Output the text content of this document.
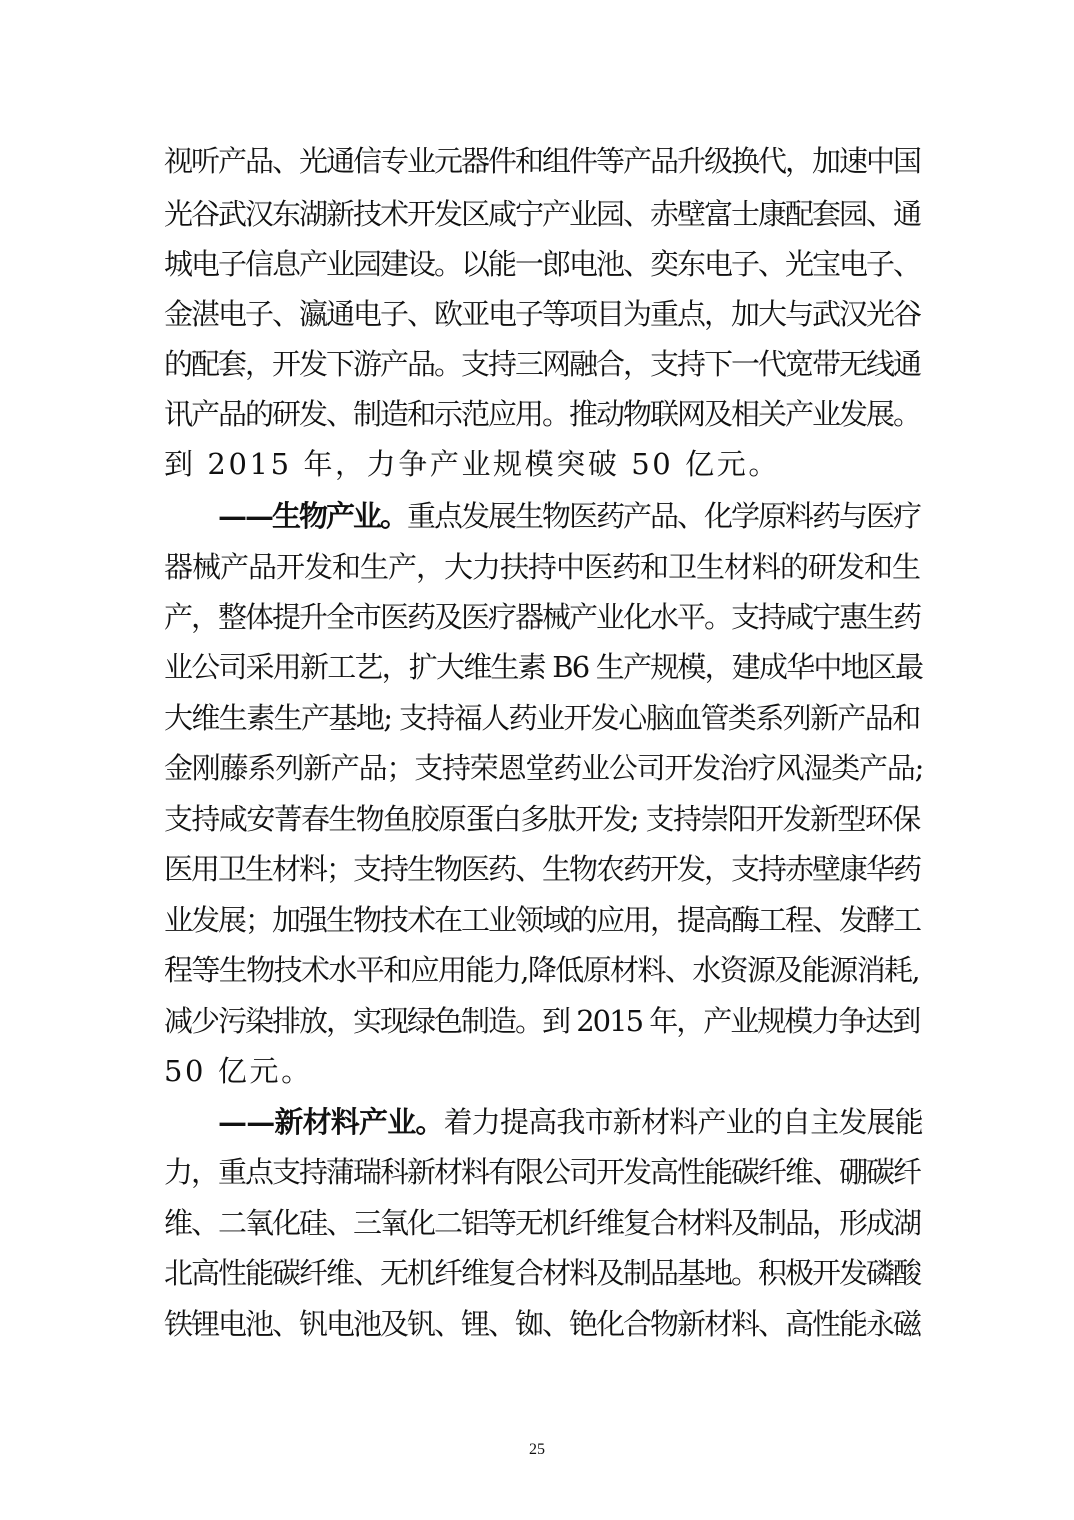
视听产品、光通信专业元器件和组件等产品升级换代，加速中国
光谷武汉东湖新技术开发区咸宁产业园、赤壁富士康配套园、通
城电子信息产业园建设。以能一郎电池、奕东电子、光宝电子、
金湛电子、瀛通电子、欧亚电子等项目为重点，加大与武汉光谷
的配套，开发下游产品。支持三网融合，支持下一代宽带无线通
讯产品的研发、制造和示范应用。推动物联网及相关产业发展。
到 2015 年，力争产业规模突破 50 亿元。
——生物产业。重点发展生物医药产品、化学原料药与医疗
器械产品开发和生产，大力扶持中医药和卫生材料的研发和生
产，整体提升全市医药及医疗器械产业化水平。支持咸宁惠生药
业公司采用新工艺，扩大维生素 B6 生产规模，建成华中地区最
大维生素生产基地; 支持福人药业开发心脑血管类系列新产品和
金刚藤系列新产品；支持荣恩堂药业公司开发治疗风湿类产品;
支持咸安菁春生物鱼胶原蛋白多肽开发; 支持崇阳开发新型环保
医用卫生材料；支持生物医药、生物农药开发，支持赤壁康华药
业发展；加强生物技术在工业领域的应用，提高酶工程、发酵工
程等生物技术水平和应用能力,降低原材料、水资源及能源消耗,
减少污染排放，实现绿色制造。到 2015 年，产业规模力争达到
50 亿元。
——新材料产业。着力提高我市新材料产业的自主发展能
力，重点支持蒲瑞科新材料有限公司开发高性能碳纤维、硼碳纤
维、二氧化硅、三氧化二铝等无机纤维复合材料及制品，形成湖
北高性能碳纤维、无机纤维复合材料及制品基地。积极开发磷酸
铁锂电池、钒电池及钒、锂、铷、铯化合物新材料、高性能永磁
25
